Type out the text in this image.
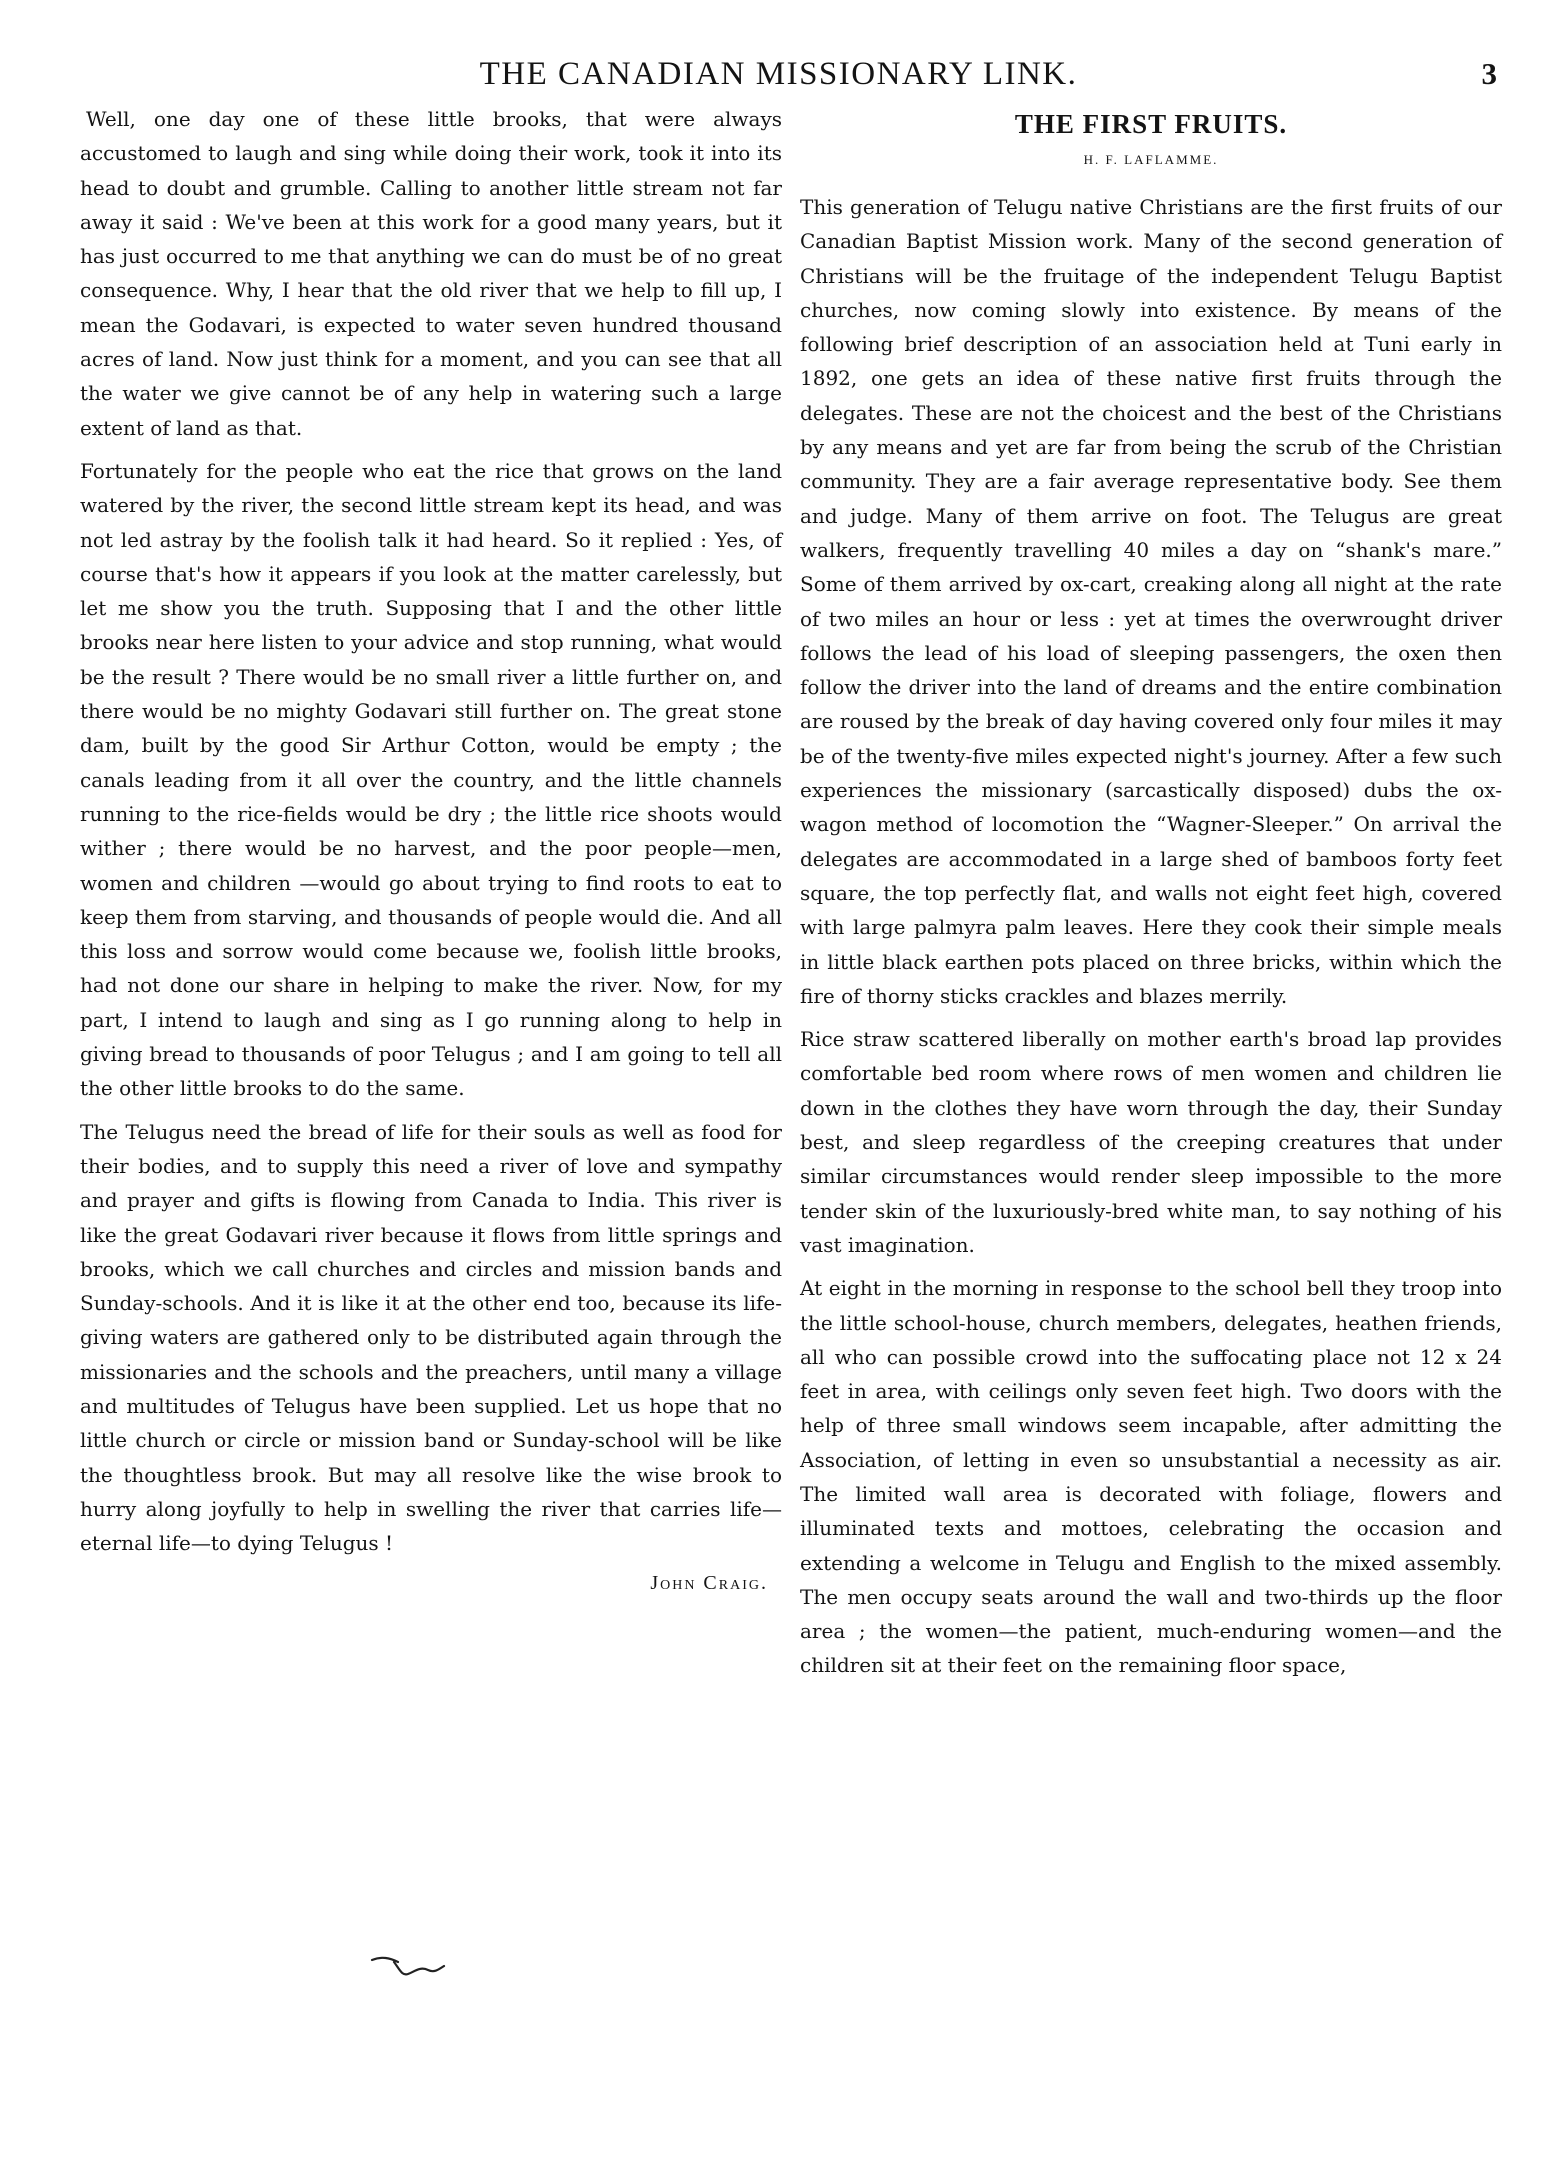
THE CANADIAN MISSIONARY LINK.	3

Well, one day one of these little brooks, that were always accustomed to laugh and sing while doing their work, took it into its head to doubt and grumble. Calling to another little stream not far away it said : We've been at this work for a good many years, but it has just occurred to me that anything we can do must be of no great consequence. Why, I hear that the old river that we help to fill up, I mean the Godavari, is expected to water seven hundred thousand acres of land. Now just think for a moment, and you can see that all the water we give cannot be of any help in watering such a large extent of land as that.

Fortunately for the people who eat the rice that grows on the land watered by the river, the second little stream kept its head, and was not led astray by the foolish talk it had heard. So it replied : Yes, of course that's how it appears if you look at the matter carelessly, but let me show you the truth. Supposing that I and the other little brooks near here listen to your advice and stop running, what would be the result ? There would be no small river a little further on, and there would be no mighty Godavari still further on. The great stone dam, built by the good Sir Arthur Cotton, would be empty ; the canals leading from it all over the country, and the little channels running to the rice-fields would be dry ; the little rice shoots would wither ; there would be no harvest, and the poor people—men, women and children —would go about trying to find roots to eat to keep them from starving, and thousands of people would die. And all this loss and sorrow would come because we, foolish little brooks, had not done our share in helping to make the river. Now, for my part, I intend to laugh and sing as I go running along to help in giving bread to thousands of poor Telugus ; and I am going to tell all the other little brooks to do the same.

The Telugus need the bread of life for their souls as well as food for their bodies, and to supply this need a river of love and sympathy and prayer and gifts is flowing from Canada to India. This river is like the great Godavari river because it flows from little springs and brooks, which we call churches and circles and mission bands and Sunday-schools. And it is like it at the other end too, because its life-giving waters are gathered only to be distributed again through the missionaries and the schools and the preachers, until many a village and multitudes of Telugus have been supplied. Let us hope that no little church or circle or mission band or Sunday-school will be like the thoughtless brook. But may all resolve like the wise brook to hurry along joyfully to help in swelling the river that carries life—eternal life—to dying Telugus !

John Craig.
THE FIRST FRUITS.
H. F. LAFLAMME.

This generation of Telugu native Christians are the first fruits of our Canadian Baptist Mission work. Many of the second generation of Christians will be the fruitage of the independent Telugu Baptist churches, now coming slowly into existence. By means of the following brief description of an association held at Tuni early in 1892, one gets an idea of these native first fruits through the delegates. These are not the choicest and the best of the Christians by any means and yet are far from being the scrub of the Christian community. They are a fair average representative body. See them and judge. Many of them arrive on foot. The Telugus are great walkers, frequently travelling 40 miles a day on “shank's mare.” Some of them arrived by ox-cart, creaking along all night at the rate of two miles an hour or less : yet at times the overwrought driver follows the lead of his load of sleeping passengers, the oxen then follow the driver into the land of dreams and the entire combination are roused by the break of day having covered only four miles it may be of the twenty-five miles expected night's journey. After a few such experiences the missionary (sarcastically disposed) dubs the ox-wagon method of locomotion the “Wagner-Sleeper.” On arrival the delegates are accommodated in a large shed of bamboos forty feet square, the top perfectly flat, and walls not eight feet high, covered with large palmyra palm leaves. Here they cook their simple meals in little black earthen pots placed on three bricks, within which the fire of thorny sticks crackles and blazes merrily.

Rice straw scattered liberally on mother earth's broad lap provides comfortable bed room where rows of men women and children lie down in the clothes they have worn through the day, their Sunday best, and sleep regardless of the creeping creatures that under similar circumstances would render sleep impossible to the more tender skin of the luxuriously-bred white man, to say nothing of his vast imagination.

At eight in the morning in response to the school bell they troop into the little school-house, church members, delegates, heathen friends, all who can possible crowd into the suffocating place not 12 x 24 feet in area, with ceilings only seven feet high. Two doors with the help of three small windows seem incapable, after admitting the Association, of letting in even so unsubstantial a necessity as air. The limited wall area is decorated with foliage, flowers and illuminated texts and mottoes, celebrating the occasion and extending a welcome in Telugu and English to the mixed assembly. The men occupy seats around the wall and two-thirds up the floor area ; the women—the patient, much-enduring women—and the children sit at their feet on the remaining floor space,
